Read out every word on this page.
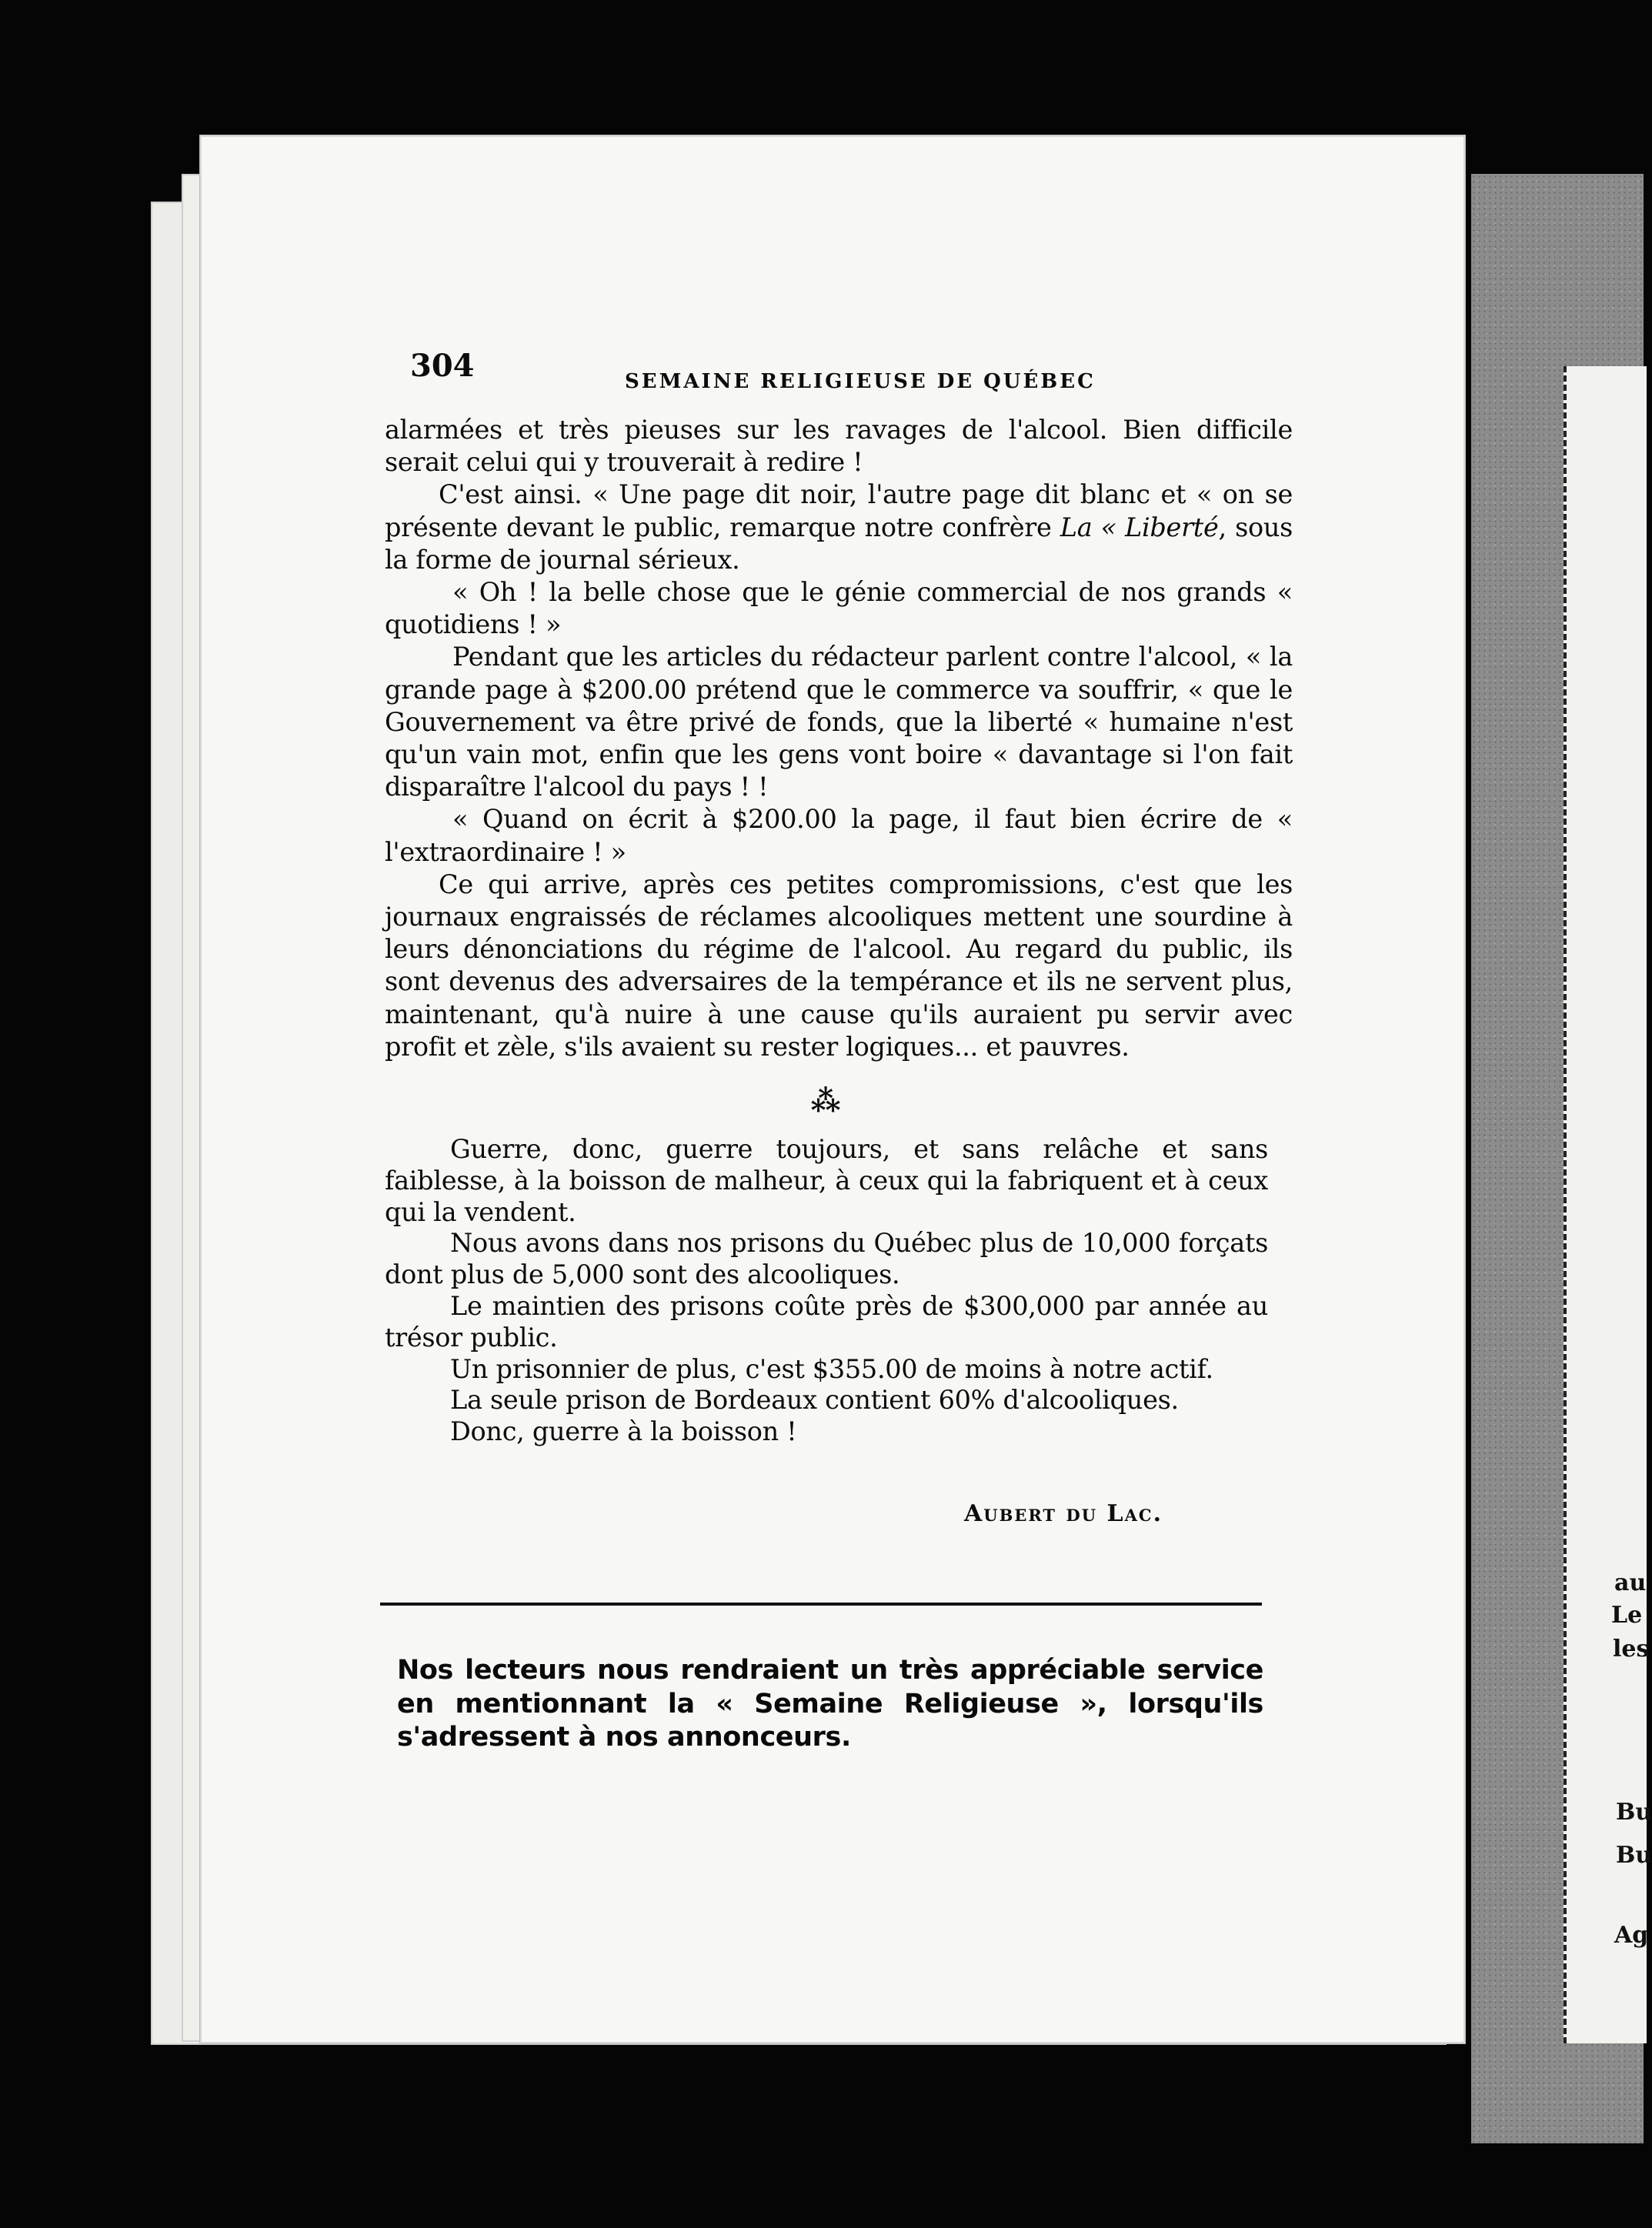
au
Le
les
Bu
Bu
Ag
304	SEMAINE RELIGIEUSE DE QUÉBEC

alarmées et très pieuses sur les ravages de l'alcool. Bien difficile serait celui qui y trouverait à redire !

C'est ainsi. « Une page dit noir, l'autre page dit blanc et « on se présente devant le public, remarque notre confrère La « Liberté, sous la forme de journal sérieux.

« Oh ! la belle chose que le génie commercial de nos grands « quotidiens ! »

Pendant que les articles du rédacteur parlent contre l'alcool, « la grande page à $200.00 prétend que le commerce va souffrir, « que le Gouvernement va être privé de fonds, que la liberté « humaine n'est qu'un vain mot, enfin que les gens vont boire « davantage si l'on fait disparaître l'alcool du pays ! !

« Quand on écrit à $200.00 la page, il faut bien écrire de « l'extraordinaire ! »

Ce qui arrive, après ces petites compromissions, c'est que les journaux engraissés de réclames alcooliques mettent une sourdine à leurs dénonciations du régime de l'alcool. Au regard du public, ils sont devenus des adversaires de la tempérance et ils ne servent plus, maintenant, qu'à nuire à une cause qu'ils auraient pu servir avec profit et zèle, s'ils avaient su rester logiques... et pauvres.

⁂

Guerre, donc, guerre toujours, et sans relâche et sans faiblesse, à la boisson de malheur, à ceux qui la fabriquent et à ceux qui la vendent.

Nous avons dans nos prisons du Québec plus de 10,000 forçats dont plus de 5,000 sont des alcooliques.

Le maintien des prisons coûte près de $300,000 par année au trésor public.

Un prisonnier de plus, c'est $355.00 de moins à notre actif.

La seule prison de Bordeaux contient 60% d'alcooliques.

Donc, guerre à la boisson !

Aubert du Lac.
Nos lecteurs nous rendraient un très appréciable service en mentionnant la « Semaine Religieuse », lorsqu'ils s'adressent à nos annonceurs.
